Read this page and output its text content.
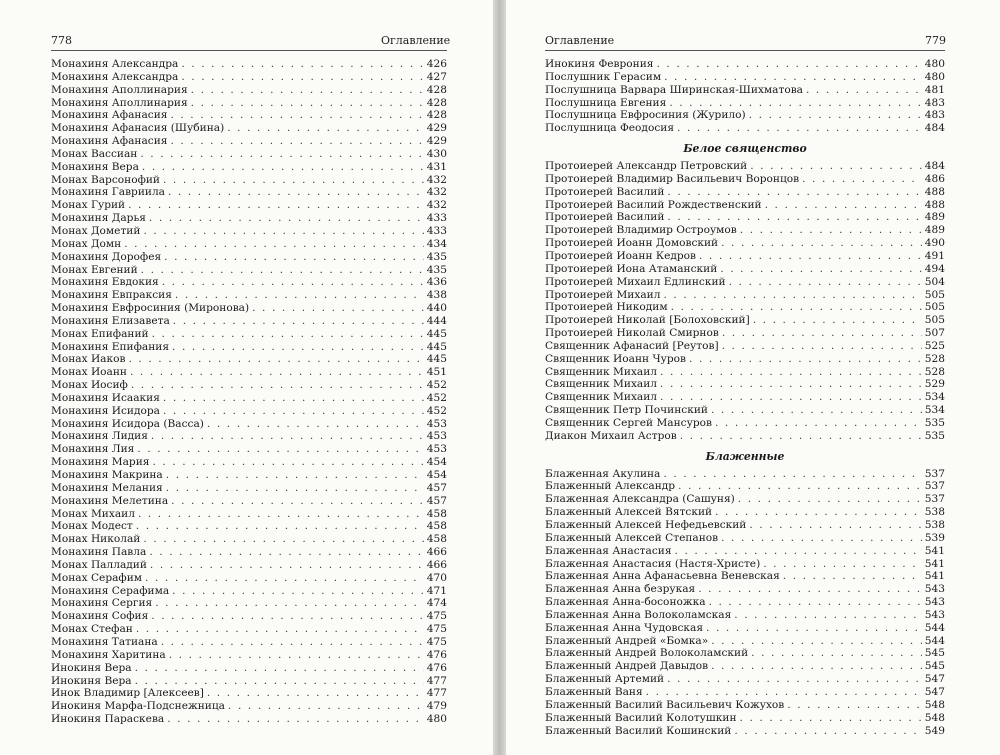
778	Оглавление
Монахиня Александра . . .	426
Монахиня Александра . . .	427
Монахиня Аполлинария . . .	428
Монахиня Аполлинария . . .	428
Монахиня Афанасия . . .	428
Монахиня Афанасия (Шубина) . . .	429
Монахиня Афанасия . . .	429
Монах Вассиан . . .	430
Монахиня Вера . . .	431
Монах Варсонофий . . .	432
Монахиня Гавриила . . .	432
Монах Гурий . . .	432
Монахиня Дарья . . .	433
Монах Дометий . . .	433
Монах Домн . . .	434
Монахиня Дорофея . . .	435
Монах Евгений . . .	435
Монахиня Евдокия . . .	436
Монахиня Евпраксия . . .	438
Монахиня Евфросиния (Миронова) . . .	440
Монахиня Елизавета . . .	444
Монах Епифаний . . .	445
Монахиня Епифания . . .	445
Монах Иаков . . .	445
Монах Иоанн . . .	451
Монах Иосиф . . .	452
Монахиня Исаакия . . .	452
Монахиня Исидора . . .	452
Монахиня Исидора (Васса) . . .	453
Монахиня Лидия . . .	453
Монахиня Лия . . .	453
Монахиня Мария . . .	454
Монахиня Макрина . . .	454
Монахиня Мелания . . .	457
Монахиня Мелетина . . .	457
Монах Михаил . . .	458
Монах Модест . . .	458
Монах Николай . . .	458
Монахиня Павла . . .	466
Монах Палладий . . .	466
Монах Серафим . . .	470
Монахиня Серафима . . .	471
Монахиня Сергия . . .	474
Монахиня София . . .	475
Монах Стефан . . .	475
Монахиня Татиана . . .	475
Монахиня Харитина . . .	476
Инокиня Вера . . .	476
Инокиня Вера . . .	477
Инок Владимир [Алексеев] . . .	477
Инокиня Марфа-Подснежница . . .	479
Инокиня Параскева . . .	480
Оглавление	779
Инокиня Феврония . . .	480
Послушник Герасим . . .	480
Послушница Варвара Ширинская-Шихматова . . .	481
Послушница Евгения . . .	483
Послушница Евфросиния (Журило) . . .	483
Послушница Феодосия . . .	484
Белое священство
Протоиерей Александр Петровский . . .	484
Протоиерей Владимир Васильевич Воронцов . . .	486
Протоиерей Василий . . .	488
Протоиерей Василий Рождественский . . .	488
Протоиерей Василий . . .	489
Протоиерей Владимир Остроумов . . .	489
Протоиерей Иоанн Домовский . . .	490
Протоиерей Иоанн Кедров . . .	491
Протоиерей Иона Атаманский . . .	494
Протоиерей Михаил Едлинский . . .	504
Протоиерей Михаил . . .	505
Протоиерей Никодим . . .	505
Протоиерей Николай [Болоховский] . . .	505
Протоиерей Николай Смирнов . . .	507
Священник Афанасий [Реутов] . . .	525
Священник Иоанн Чуров . . .	528
Священник Михаил . . .	528
Священник Михаил . . .	529
Священник Михаил . . .	534
Священник Петр Починский . . .	534
Священник Сергей Мансуров . . .	535
Диакон Михаил Астров . . .	535
Блаженные
Блаженная Акулина . . .	537
Блаженный Александр . . .	537
Блаженная Александра (Сашуня) . . .	537
Блаженный Алексей Вятский . . .	538
Блаженный Алексей Нефедьевский . . .	538
Блаженный Алексей Степанов . . .	539
Блаженная Анастасия . . .	541
Блаженная Анастасия (Настя-Христе) . . .	541
Блаженная Анна Афанасьевна Веневская . . .	541
Блаженная Анна безрукая . . .	543
Блаженная Анна-босоножка . . .	543
Блаженная Анна Волоколамская . . .	543
Блаженная Анна Чудовская . . .	544
Блаженный Андрей «Бомка» . . .	544
Блаженный Андрей Волоколамский . . .	545
Блаженный Андрей Давыдов . . .	545
Блаженный Артемий . . .	547
Блаженный Ваня . . .	547
Блаженный Василий Васильевич Кожухов . . .	548
Блаженный Василий Колотушкин . . .	548
Блаженный Василий Кошинский . . .	549
